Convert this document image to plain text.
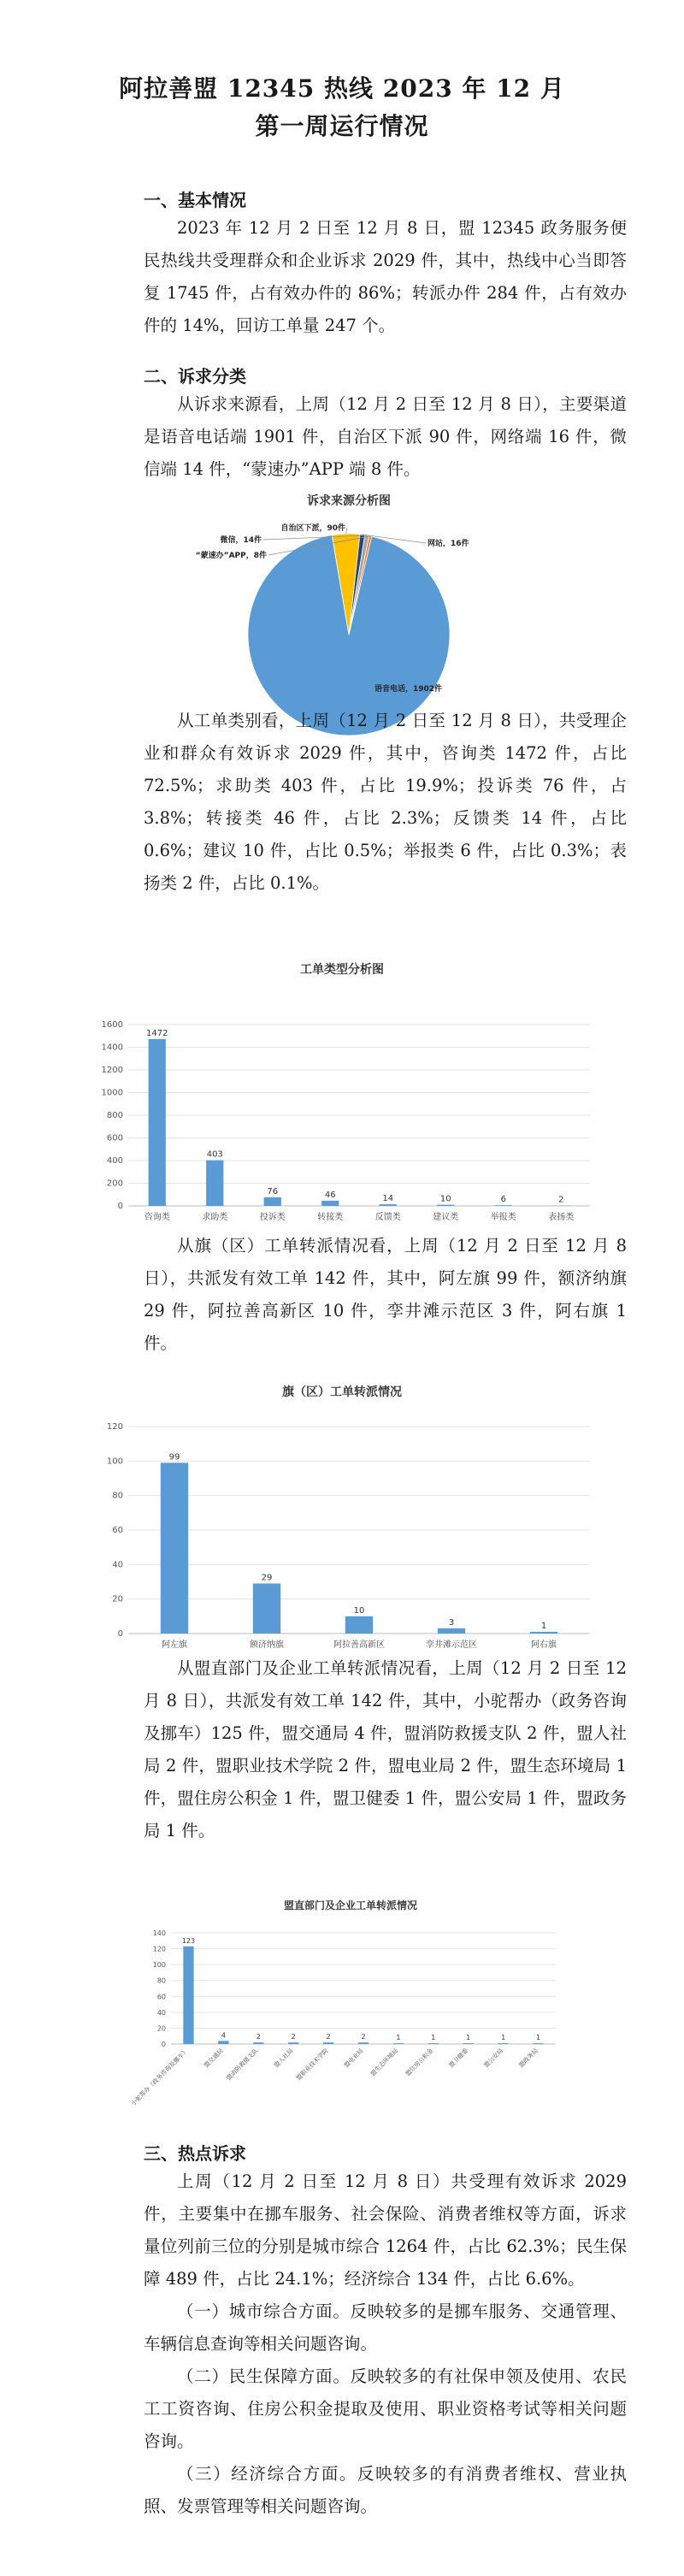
阿拉善盟 12345 热线 2023 年 12 月
第一周运行情况
一、基本情况
2023 年 12 月 2 日至 12 月 8 日，盟 12345 政务服务便民热线共受理群众和企业诉求 2029 件，其中，热线中心当即答复 1745 件，占有效办件的 86%；转派办件 284 件，占有效办件的 14%，回访工单量 247 个。
二、诉求分类
从诉求来源看，上周（12 月 2 日至 12 月 8 日），主要渠道是语音电话端 1901 件，自治区下派 90 件，网络端 16 件，微信端 14 件，“蒙速办”APP 端 8 件。
诉求来源分析图
语音电话，1902件
自治区下派，90件
网站，16件
微信，14件
“蒙速办”APP，8件
从工单类别看，上周（12 月 2 日至 12 月 8 日），共受理企业和群众有效诉求 2029 件，其中，咨询类 1472 件，占比 72.5%；求助类 403 件，占比 19.9%；投诉类 76 件，占 3.8%；转接类 46 件，占比 2.3%；反馈类 14 件，占比 0.6%；建议 10 件，占比 0.5%；举报类 6 件，占比 0.3%；表扬类 2 件，占比 0.1%。
工单类型分析图
0
200
400
600
800
1000
1200
1400
1600
1472
咨询类
403
求助类
76
投诉类
46
转接类
14
反馈类
10
建议类
6
举报类
2
表扬类
从旗（区）工单转派情况看，上周（12 月 2 日至 12 月 8 日），共派发有效工单 142 件，其中，阿左旗 99 件，额济纳旗 29 件，阿拉善高新区 10 件，孪井滩示范区 3 件，阿右旗 1 件。
旗（区）工单转派情况
0
20
40
60
80
100
120
99
阿左旗
29
额济纳旗
10
阿拉善高新区
3
孪井滩示范区
1
阿右旗
从盟直部门及企业工单转派情况看，上周（12 月 2 日至 12 月 8 日），共派发有效工单 142 件，其中，小驼帮办（政务咨询及挪车）125 件，盟交通局 4 件，盟消防救援支队 2 件，盟人社局 2 件，盟职业技术学院 2 件，盟电业局 2 件，盟生态环境局 1 件，盟住房公积金 1 件，盟卫健委 1 件，盟公安局 1 件，盟政务局 1 件。
盟直部门及企业工单转派情况
0
20
40
60
80
100
120
140
123
小驼帮办（政务咨询及挪车）
4
盟交通局
2
盟消防救援支队
2
盟人社局
2
盟职业技术学院
2
盟电业局
1
盟生态环境局
1
盟住房公积金
1
盟卫健委
1
盟公安局
1
盟政务局
三、热点诉求
上周（12 月 2 日至 12 月 8 日）共受理有效诉求 2029 件，主要集中在挪车服务、社会保险、消费者维权等方面，诉求量位列前三位的分别是城市综合 1264 件，占比 62.3%；民生保障 489 件，占比 24.1%；经济综合 134 件，占比 6.6%。
（一）城市综合方面。反映较多的是挪车服务、交通管理、车辆信息查询等相关问题咨询。
（二）民生保障方面。反映较多的有社保申领及使用、农民工工资咨询、住房公积金提取及使用、职业资格考试等相关问题咨询。
（三）经济综合方面。反映较多的有消费者维权、营业执照、发票管理等相关问题咨询。
